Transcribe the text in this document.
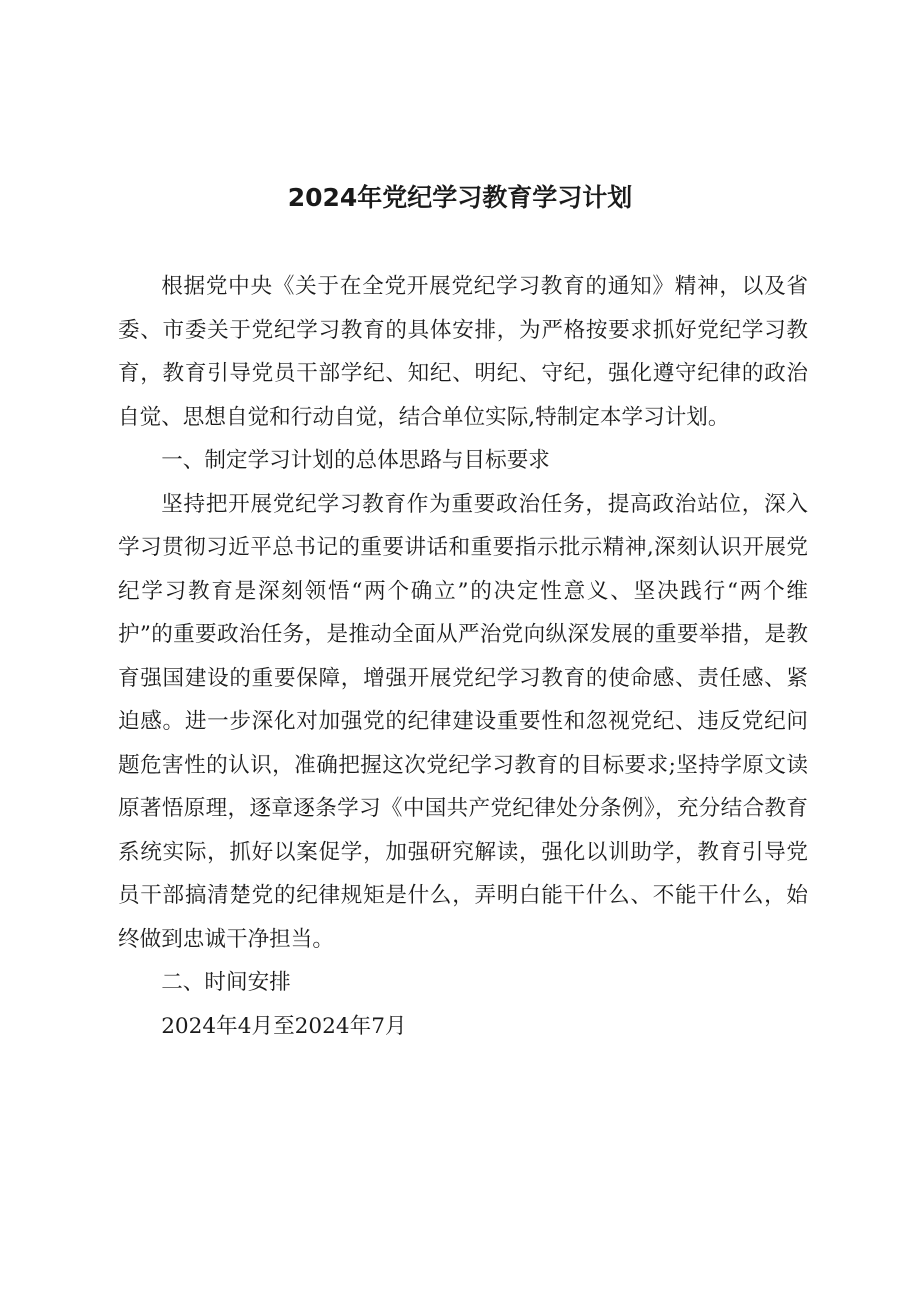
2024年党纪学习教育学习计划

根据党中央《关于在全党开展党纪学习教育的通知》精神，以及省委、市委关于党纪学习教育的具体安排，为严格按要求抓好党纪学习教育，教育引导党员干部学纪、知纪、明纪、守纪，强化遵守纪律的政治自觉、思想自觉和行动自觉，结合单位实际,特制定本学习计划。

一、制定学习计划的总体思路与目标要求

坚持把开展党纪学习教育作为重要政治任务，提高政治站位，深入学习贯彻习近平总书记的重要讲话和重要指示批示精神,深刻认识开展党纪学习教育是深刻领悟“两个确立”的决定性意义、坚决践行“两个维护”的重要政治任务，是推动全面从严治党向纵深发展的重要举措，是教育强国建设的重要保障，增强开展党纪学习教育的使命感、责任感、紧迫感。进一步深化对加强党的纪律建设重要性和忽视党纪、违反党纪问题危害性的认识，准确把握这次党纪学习教育的目标要求;坚持学原文读原著悟原理，逐章逐条学习《中国共产党纪律处分条例》，充分结合教育系统实际，抓好以案促学，加强研究解读，强化以训助学，教育引导党员干部搞清楚党的纪律规矩是什么，弄明白能干什么、不能干什么，始终做到忠诚干净担当。

二、时间安排

2024年4月至2024年7月
